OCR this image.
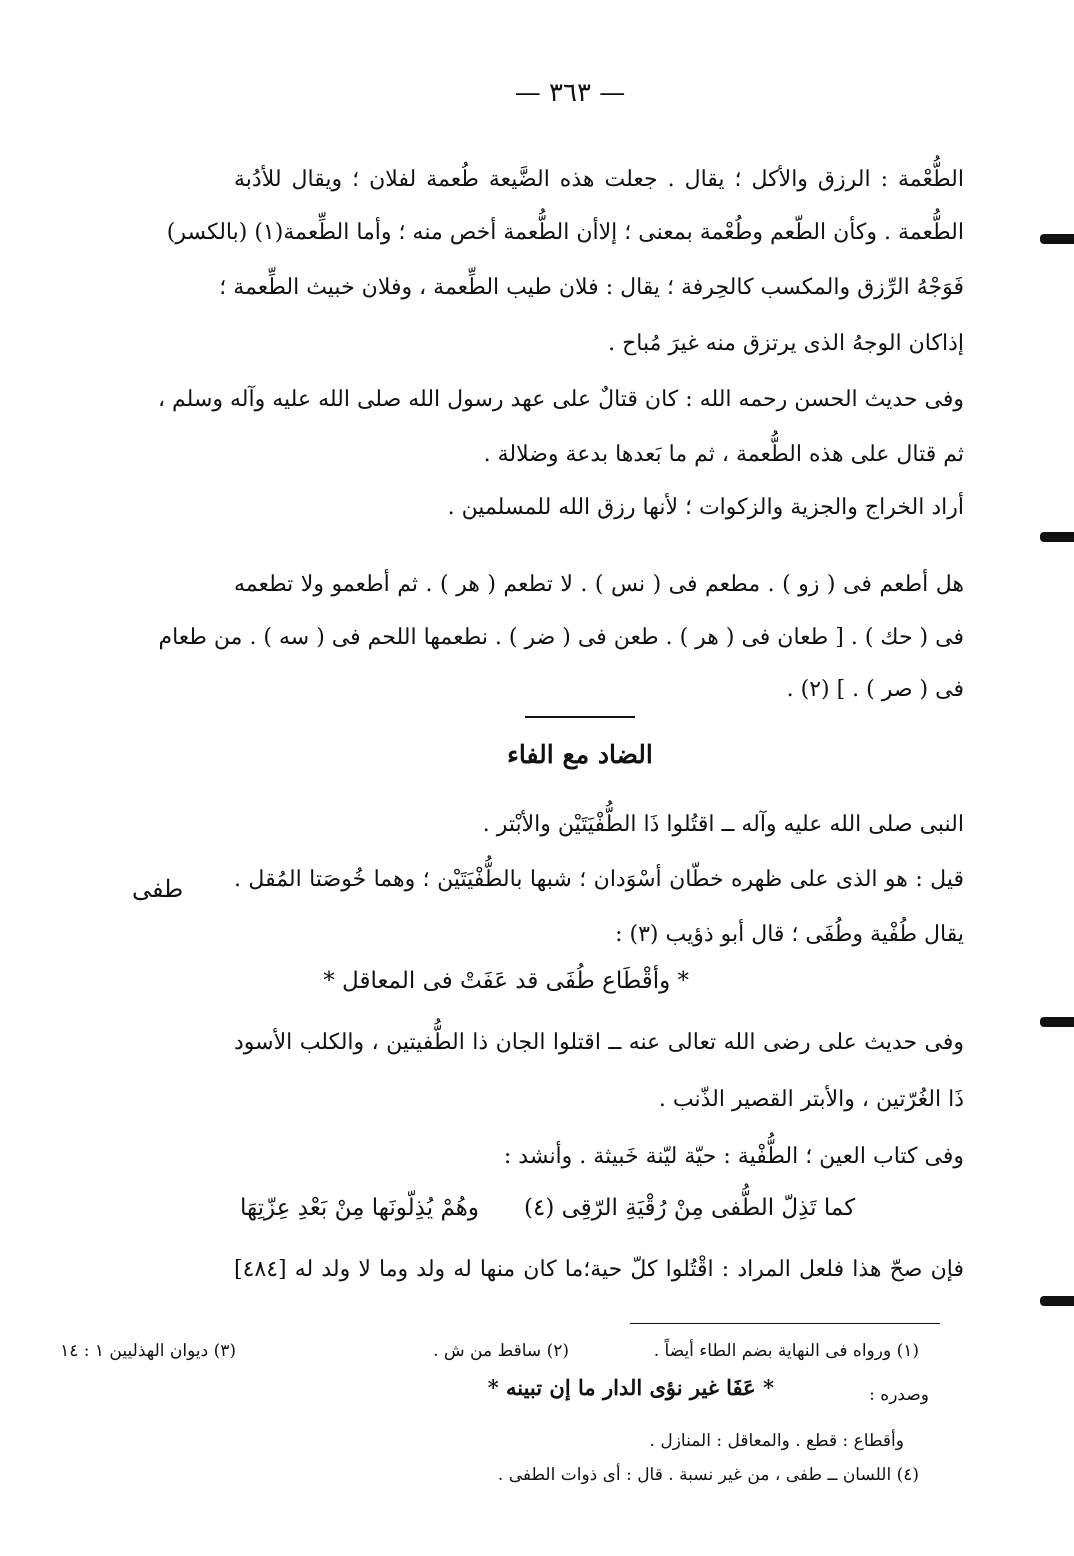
— ٣٦٣ —
الطُّعْمة : الرزق والأكل ؛ يقال . جعلت هذه الضَّيعة طُعمة لفلان ؛ ويقال للأدُبة
الطُّعمة . وكأن الطّعم وطُعْمة بمعنى ؛ إلاأن الطُّعمة أخص منه ؛ وأما الطِّعمة(١) (بالكسر)
فَوَجْهُ الرِّزق والمكسب كالحِرفة ؛ يقال : فلان طيب الطِّعمة ، وفلان خبيث الطِّعمة ؛
إذاكان الوجهُ الذى يرتزق منه غيرَ مُباح .
وفى حديث الحسن رحمه الله : كان قتالٌ على عهد رسول الله صلى الله عليه وآله وسلم ،
ثم قتال على هذه الطُّعمة ، ثم ما بَعدها بدعة وضلالة .
أراد الخراج والجزية والزكوات ؛ لأنها رزق الله للمسلمين .
هل أطعم فى ( زو ) . مطعم فى ( نس ) . لا تطعم ( هر ) . ثم أطعمو ولا تطعمه
فى ( حك ) . [ طعان فى ( هر ) . طعن فى ( ضر ) . نطعمها اللحم فى ( سه ) . من طعام
فى ( صر ) . ] (٢) .
الضاد مع الفاء
طفى
النبى صلى الله عليه وآله ــ اقتُلوا ذَا الطُّفْيَتَيْن والأبْتر .
قيل : هو الذى على ظهره خطّان أسْوَدان ؛ شبها بالطُّفْيَتَيْن ؛ وهما خُوصَتا المُقل .
يقال طُفْية وطُفَى ؛ قال أبو ذؤيب (٣) :
* وأقْطَاع طُفَى قد عَفَتْ فى المعاقل *
وفى حديث على رضى الله تعالى عنه ــ اقتلوا الجان ذا الطُّفيتين ، والكلب الأسود
ذَا الغُرّتين ، والأبتر القصير الذّنب .
وفى كتاب العين ؛ الطُّفْية : حيّة ليّنة خَبيثة . وأنشد :
وهُمْ يُذِلّونَها مِنْ بَعْدِ عِزّتِهَا كما تَذِلّ الطُّفى مِنْ رُقْيَةِ الرّقِى (٤)
فإن صحّ هذا فلعل المراد : اقْتُلوا كلّ حية؛ما كان منها له ولد وما لا ولد له [٤٨٤]
(١) ورواه فى النهاية بضم الطاء أيضاً .
(٢) ساقط من ش .
(٣) ديوان الهذليين ١ : ١٤
وصدره :
* عَفَا غير نؤى الدار ما إن تبينه *
وأقطاع : قطع . والمعاقل : المنازل .
(٤) اللسان ــ طفى ، من غير نسبة . قال : أى ذوات الطفى .
